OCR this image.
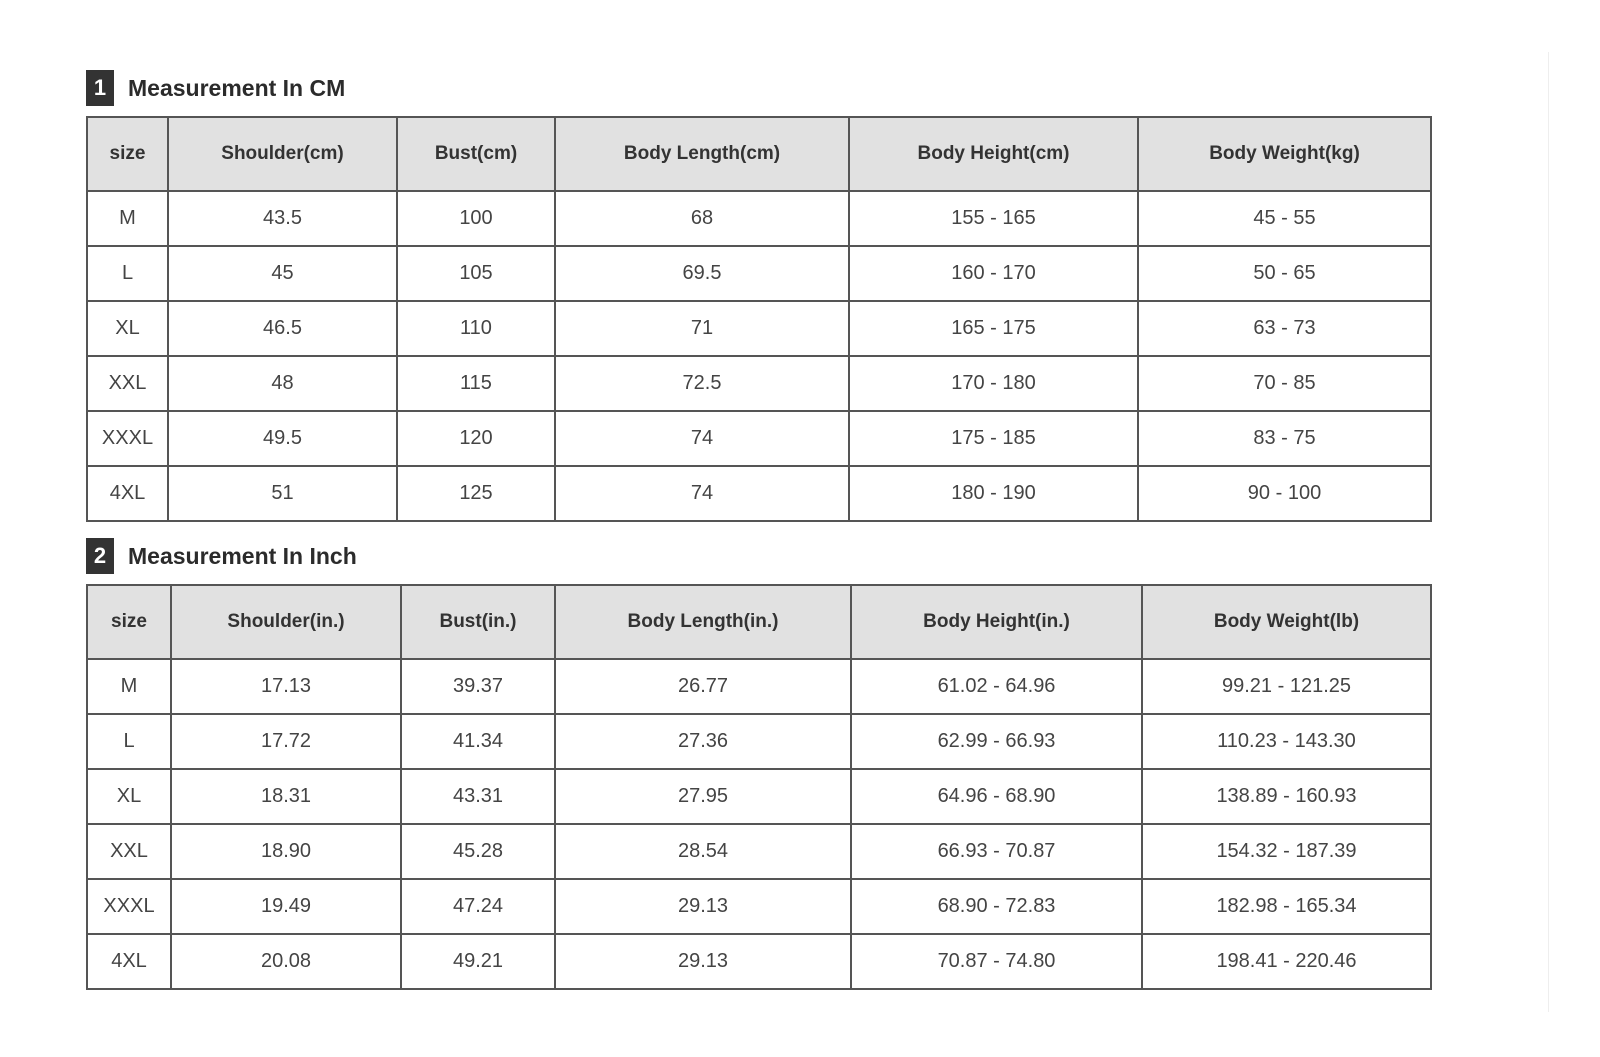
1 Measurement In CM
size	Shoulder(cm)	Bust(cm)	Body Length(cm)	Body Height(cm)	Body Weight(kg)
M	43.5	100	68	155 - 165	45 - 55
L	45	105	69.5	160 - 170	50 - 65
XL	46.5	110	71	165 - 175	63 - 73
XXL	48	115	72.5	170 - 180	70 - 85
XXXL	49.5	120	74	175 - 185	83 - 75
4XL	51	125	74	180 - 190	90 - 100
2 Measurement In Inch
size	Shoulder(in.)	Bust(in.)	Body Length(in.)	Body Height(in.)	Body Weight(lb)
M	17.13	39.37	26.77	61.02 - 64.96	99.21 - 121.25
L	17.72	41.34	27.36	62.99 - 66.93	110.23 - 143.30
XL	18.31	43.31	27.95	64.96 - 68.90	138.89 - 160.93
XXL	18.90	45.28	28.54	66.93 - 70.87	154.32 - 187.39
XXXL	19.49	47.24	29.13	68.90 - 72.83	182.98 - 165.34
4XL	20.08	49.21	29.13	70.87 - 74.80	198.41 - 220.46
